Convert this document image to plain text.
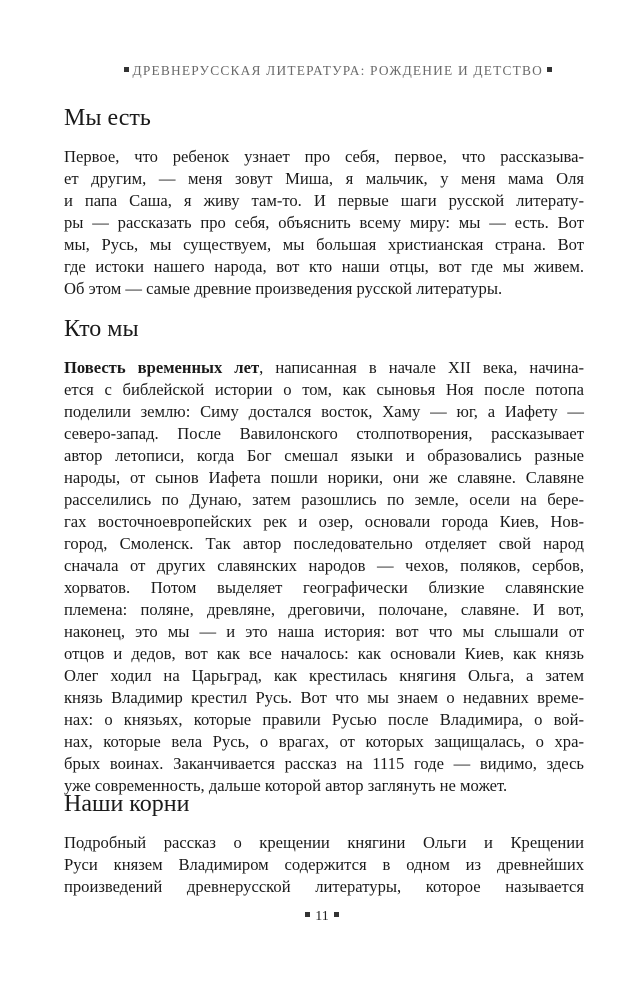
ДРЕВНЕРУССКАЯ ЛИТЕРАТУРА: РОЖДЕНИЕ И ДЕТСТВО
Мы есть
Первое, что ребенок узнает про себя, первое, что рассказыва-
ет другим, — меня зовут Миша, я мальчик, у меня мама Оля
и папа Саша, я живу там-то. И первые шаги русской литерату-
ры — рассказать про себя, объяснить всему миру: мы — есть. Вот
мы, Русь, мы существуем, мы большая христианская страна. Вот
где истоки нашего народа, вот кто наши отцы, вот где мы живем.
Об этом — самые древние произведения русской литературы.
Кто мы
Повесть временных лет, написанная в начале XII века, начина-
ется с библейской истории о том, как сыновья Ноя после потопа
поделили землю: Симу достался восток, Хаму — юг, а Иафету —
северо-запад. После Вавилонского столпотворения, рассказывает
автор летописи, когда Бог смешал языки и образовались разные
народы, от сынов Иафета пошли норики, они же славяне. Славяне
расселились по Дунаю, затем разошлись по земле, осели на бере-
гах восточноевропейских рек и озер, основали города Киев, Нов-
город, Смоленск. Так автор последовательно отделяет свой народ
сначала от других славянских народов — чехов, поляков, сербов,
хорватов. Потом выделяет географически близкие славянские
племена: поляне, древляне, дреговичи, полочане, славяне. И вот,
наконец, это мы — и это наша история: вот что мы слышали от
отцов и дедов, вот как все началось: как основали Киев, как князь
Олег ходил на Царьград, как крестилась княгиня Ольга, а затем
князь Владимир крестил Русь. Вот что мы знаем о недавних време-
нах: о князьях, которые правили Русью после Владимира, о вой-
нах, которые вела Русь, о врагах, от которых защищалась, о хра-
брых воинах. Заканчивается рассказ на 1115 годе — видимо, здесь
уже современность, дальше которой автор заглянуть не может.
Наши корни
Подробный рассказ о крещении княгини Ольги и Крещении
Руси князем Владимиром содержится в одном из древнейших
произведений древнерусской литературы, которое называется
11
